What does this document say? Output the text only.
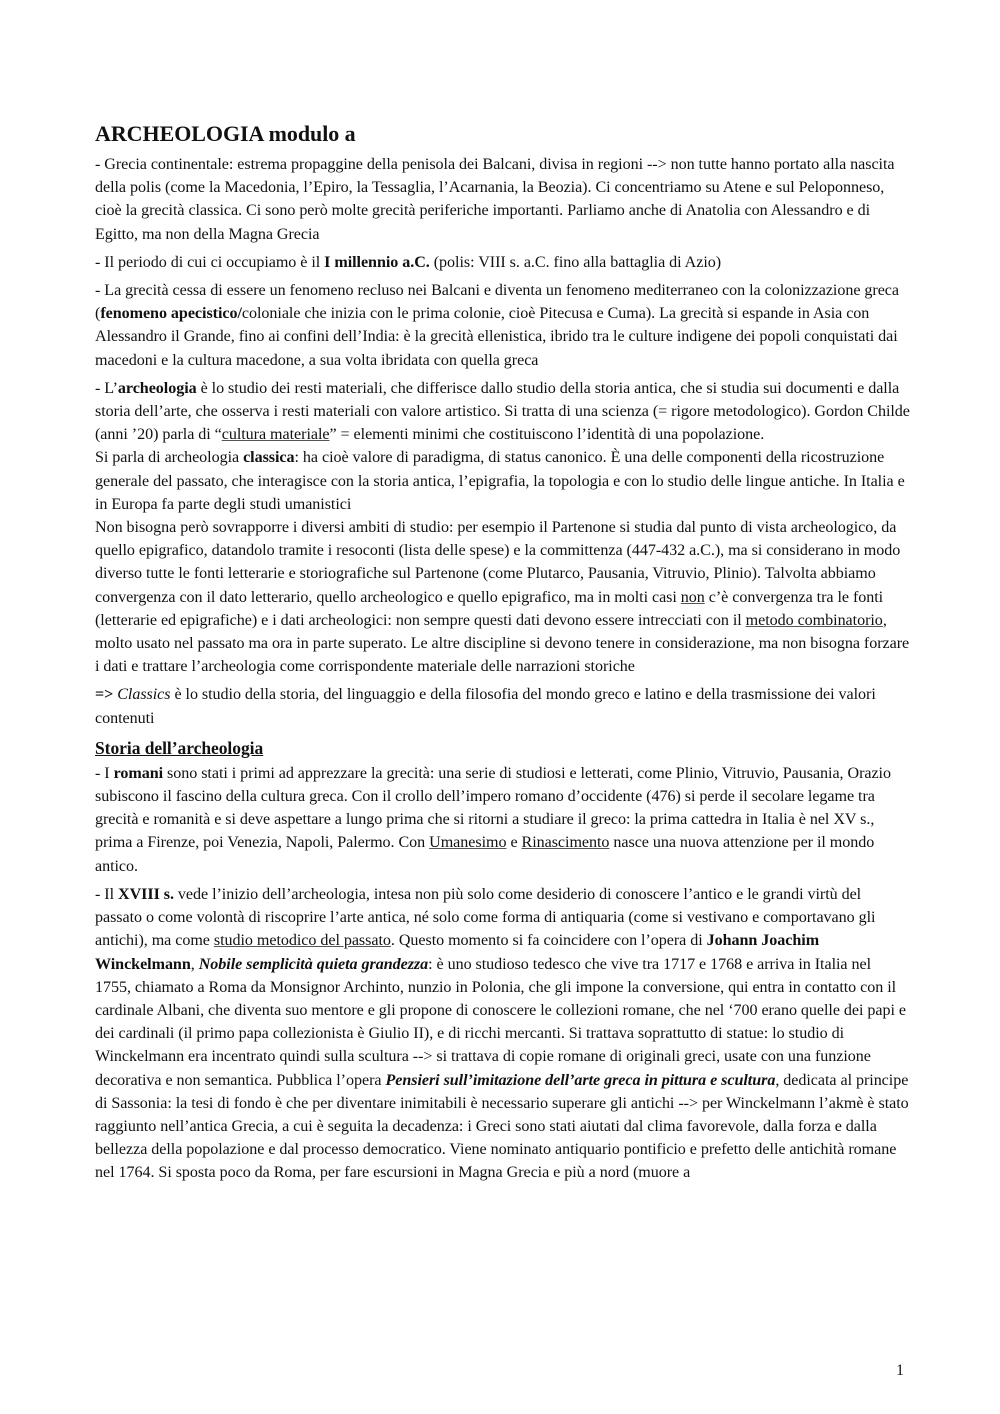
ARCHEOLOGIA modulo a

- Grecia continentale: estrema propaggine della penisola dei Balcani, divisa in regioni --> non tutte hanno portato alla nascita della polis (come la Macedonia, l’Epiro, la Tessaglia, l’Acarnania, la Beozia). Ci concentriamo su Atene e sul Peloponneso, cioè la grecità classica. Ci sono però molte grecità periferiche importanti. Parliamo anche di Anatolia con Alessandro e di Egitto, ma non della Magna Grecia

- Il periodo di cui ci occupiamo è il I millennio a.C. (polis: VIII s. a.C. fino alla battaglia di Azio)

- La grecità cessa di essere un fenomeno recluso nei Balcani e diventa un fenomeno mediterraneo con la colonizzazione greca (fenomeno apecistico/coloniale che inizia con le prima colonie, cioè Pitecusa e Cuma). La grecità si espande in Asia con Alessandro il Grande, fino ai confini dell’India: è la grecità ellenistica, ibrido tra le culture indigene dei popoli conquistati dai macedoni e la cultura macedone, a sua volta ibridata con quella greca

- L’archeologia è lo studio dei resti materiali, che differisce dallo studio della storia antica, che si studia sui documenti e dalla storia dell’arte, che osserva i resti materiali con valore artistico. Si tratta di una scienza (= rigore metodologico). Gordon Childe (anni ’20) parla di “cultura materiale” = elementi minimi che costituiscono l’identità di una popolazione.

Si parla di archeologia classica: ha cioè valore di paradigma, di status canonico. È una delle componenti della ricostruzione generale del passato, che interagisce con la storia antica, l’epigrafia, la topologia e con lo studio delle lingue antiche. In Italia e in Europa fa parte degli studi umanistici

Non bisogna però sovrapporre i diversi ambiti di studio: per esempio il Partenone si studia dal punto di vista archeologico, da quello epigrafico, datandolo tramite i resoconti (lista delle spese) e la committenza (447-432 a.C.), ma si considerano in modo diverso tutte le fonti letterarie e storiografiche sul Partenone (come Plutarco, Pausania, Vitruvio, Plinio). Talvolta abbiamo convergenza con il dato letterario, quello archeologico e quello epigrafico, ma in molti casi non c’è convergenza tra le fonti (letterarie ed epigrafiche) e i dati archeologici: non sempre questi dati devono essere intrecciati con il metodo combinatorio, molto usato nel passato ma ora in parte superato. Le altre discipline si devono tenere in considerazione, ma non bisogna forzare i dati e trattare l’archeologia come corrispondente materiale delle narrazioni storiche

=> Classics è lo studio della storia, del linguaggio e della filosofia del mondo greco e latino e della trasmissione dei valori contenuti

Storia dell’archeologia

- I romani sono stati i primi ad apprezzare la grecità: una serie di studiosi e letterati, come Plinio, Vitruvio, Pausania, Orazio subiscono il fascino della cultura greca. Con il crollo dell’impero romano d’occidente (476) si perde il secolare legame tra grecità e romanità e si deve aspettare a lungo prima che si ritorni a studiare il greco: la prima cattedra in Italia è nel XV s., prima a Firenze, poi Venezia, Napoli, Palermo. Con Umanesimo e Rinascimento nasce una nuova attenzione per il mondo antico.

- Il XVIII s. vede l’inizio dell’archeologia, intesa non più solo come desiderio di conoscere l’antico e le grandi virtù del passato o come volontà di riscoprire l’arte antica, né solo come forma di antiquaria (come si vestivano e comportavano gli antichi), ma come studio metodico del passato. Questo momento si fa coincidere con l’opera di Johann Joachim Winckelmann, Nobile semplicità quieta grandezza: è uno studioso tedesco che vive tra 1717 e 1768 e arriva in Italia nel 1755, chiamato a Roma da Monsignor Archinto, nunzio in Polonia, che gli impone la conversione, qui entra in contatto con il cardinale Albani, che diventa suo mentore e gli propone di conoscere le collezioni romane, che nel ‘700 erano quelle dei papi e dei cardinali (il primo papa collezionista è Giulio II), e di ricchi mercanti. Si trattava soprattutto di statue: lo studio di Winckelmann era incentrato quindi sulla scultura --> si trattava di copie romane di originali greci, usate con una funzione decorativa e non semantica. Pubblica l’opera Pensieri sull’imitazione dell’arte greca in pittura e scultura, dedicata al principe di Sassonia: la tesi di fondo è che per diventare inimitabili è necessario superare gli antichi --> per Winckelmann l’akmè è stato raggiunto nell’antica Grecia, a cui è seguita la decadenza: i Greci sono stati aiutati dal clima favorevole, dalla forza e dalla bellezza della popolazione e dal processo democratico. Viene nominato antiquario pontificio e prefetto delle antichità romane nel 1764. Si sposta poco da Roma, per fare escursioni in Magna Grecia e più a nord (muore a

1
